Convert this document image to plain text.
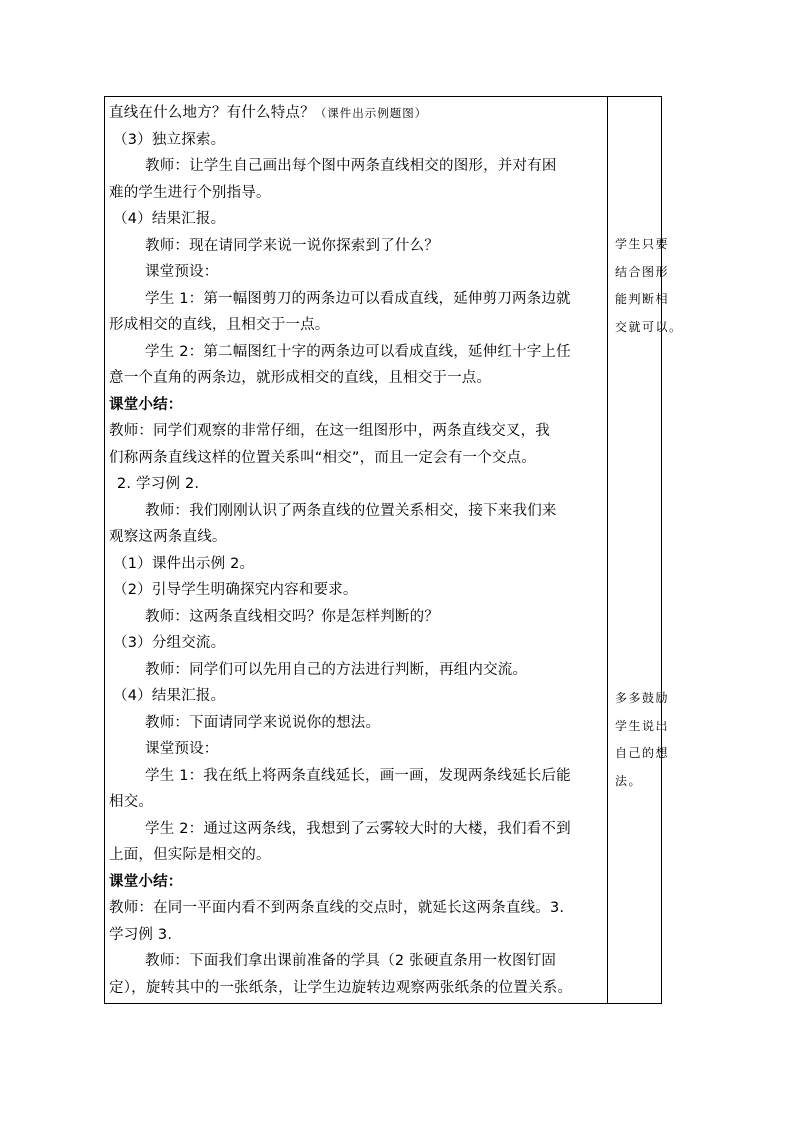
直线在什么地方？有什么特点？（课件出示例题图）
（3）独立探索。
教师：让学生自己画出每个图中两条直线相交的图形，并对有困
难的学生进行个别指导。
（4）结果汇报。
教师：现在请同学来说一说你探索到了什么？
课堂预设：
学生 1：第一幅图剪刀的两条边可以看成直线，延伸剪刀两条边就
形成相交的直线，且相交于一点。
学生 2：第二幅图红十字的两条边可以看成直线，延伸红十字上任
意一个直角的两条边，就形成相交的直线，且相交于一点。
课堂小结：
教师：同学们观察的非常仔细，在这一组图形中，两条直线交叉，我
们称两条直线这样的位置关系叫“相交”，而且一定会有一个交点。
2. 学习例 2.
教师：我们刚刚认识了两条直线的位置关系相交，接下来我们来
观察这两条直线。
（1）课件出示例 2。
（2）引导学生明确探究内容和要求。
教师：这两条直线相交吗？你是怎样判断的？
（3）分组交流。
教师：同学们可以先用自己的方法进行判断，再组内交流。
（4）结果汇报。
教师：下面请同学来说说你的想法。
课堂预设：
学生 1：我在纸上将两条直线延长，画一画，发现两条线延长后能
相交。
学生 2：通过这两条线，我想到了云雾较大时的大楼，我们看不到
上面，但实际是相交的。
课堂小结：
教师：在同一平面内看不到两条直线的交点时，就延长这两条直线。3.
学习例 3.
教师：下面我们拿出课前准备的学具（2 张硬直条用一枚图钉固
定），旋转其中的一张纸条，让学生边旋转边观察两张纸条的位置关系。
学生只要
结合图形
能判断相
交就可以。
多多鼓励
学生说出
自己的想
法。
